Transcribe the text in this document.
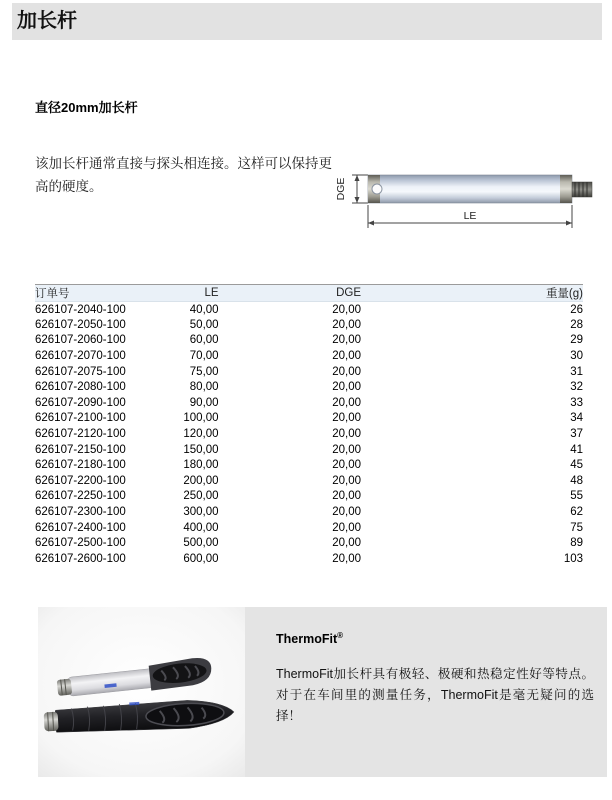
加长杆
直径20mm加长杆

该加长杆通常直接与探头相连接。这样可以保持更高的硬度。	DGE
LE
订单号	LE	DGE	重量(g)
626107-2040-100	40,00	20,00	26
626107-2050-100	50,00	20,00	28
626107-2060-100	60,00	20,00	29
626107-2070-100	70,00	20,00	30
626107-2075-100	75,00	20,00	31
626107-2080-100	80,00	20,00	32
626107-2090-100	90,00	20,00	33
626107-2100-100	100,00	20,00	34
626107-2120-100	120,00	20,00	37
626107-2150-100	150,00	20,00	41
626107-2180-100	180,00	20,00	45
626107-2200-100	200,00	20,00	48
626107-2250-100	250,00	20,00	55
626107-2300-100	300,00	20,00	62
626107-2400-100	400,00	20,00	75
626107-2500-100	500,00	20,00	89
626107-2600-100	600,00	20,00	103
ThermoFit®

ThermoFit加长杆具有极轻、极硬和热稳定性好等特点。对于在车间里的测量任务，ThermoFit是毫无疑问的选择！
